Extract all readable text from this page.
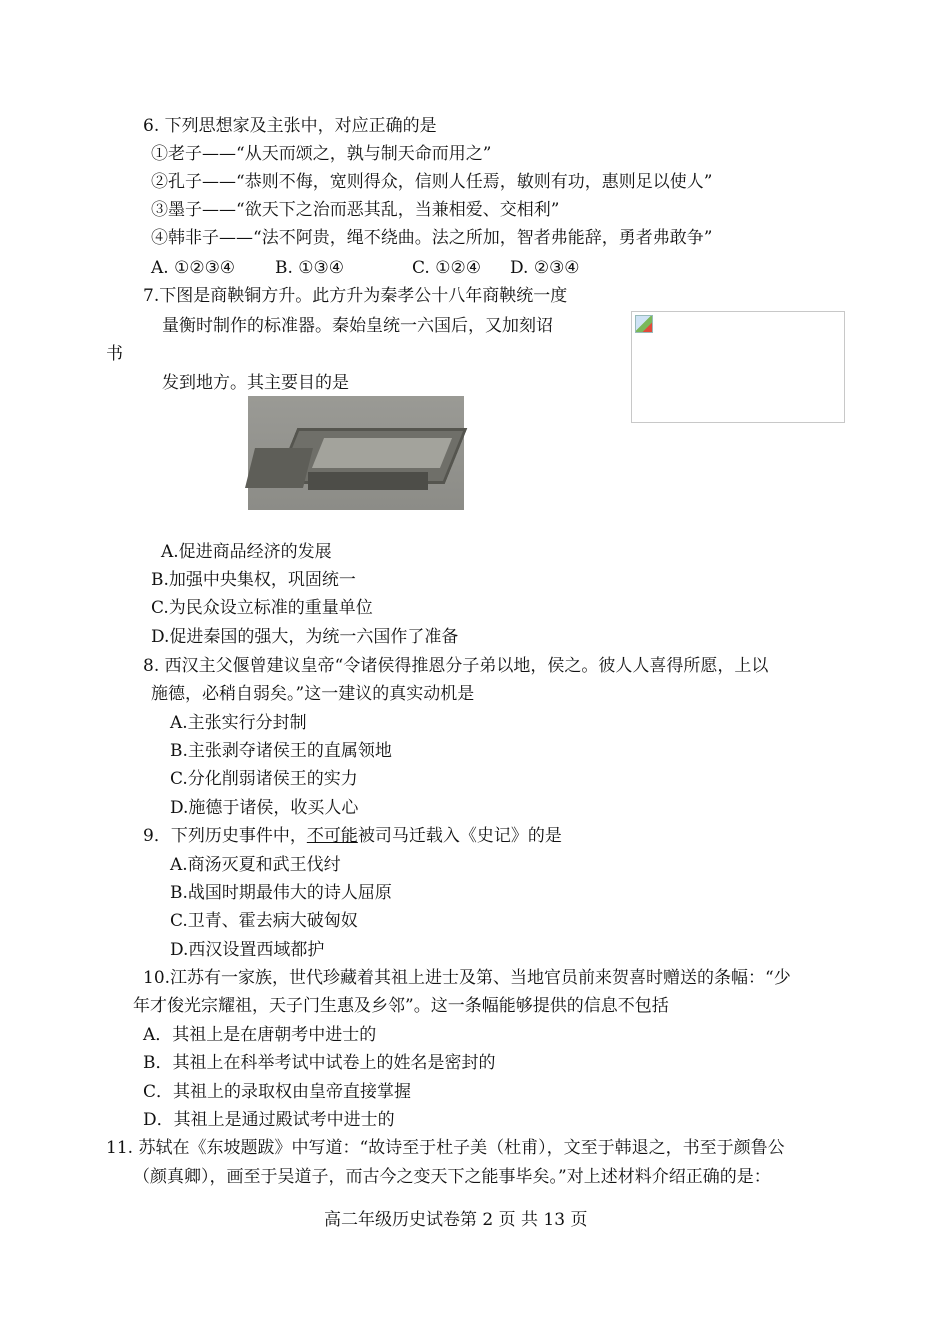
6. 下列思想家及主张中，对应正确的是
①老子——“从天而颂之，孰与制天命而用之”
②孔子——“恭则不侮，宽则得众，信则人任焉，敏则有功，惠则足以使人”
③墨子——“欲天下之治而恶其乱，当兼相爱、交相利”
④韩非子——“法不阿贵，绳不绕曲。法之所加，智者弗能辞，勇者弗敢争”
A. ①②③④ B. ①③④	C. ①②④ D. ②③④
7.下图是商鞅铜方升。此方升为秦孝公十八年商鞅统一度
量衡时制作的标准器。秦始皇统一六国后，又加刻诏
书
发到地方。其主要目的是
A.促进商品经济的发展
B.加强中央集权，巩固统一
C.为民众设立标准的重量单位
D.促进秦国的强大，为统一六国作了准备
8. 西汉主父偃曾建议皇帝“令诸侯得推恩分子弟以地，侯之。彼人人喜得所愿，上以
施德，必稍自弱矣。”这一建议的真实动机是
A.主张实行分封制
B.主张剥夺诸侯王的直属领地
C.分化削弱诸侯王的实力
D.施德于诸侯，收买人心
9．下列历史事件中，不可能被司马迁载入《史记》的是
A.商汤灭夏和武王伐纣
B.战国时期最伟大的诗人屈原
C.卫青、霍去病大破匈奴
D.西汉设置西域都护
10.江苏有一家族，世代珍藏着其祖上进士及第、当地官员前来贺喜时赠送的条幅：“少
年才俊光宗耀祖，天子门生惠及乡邻”。这一条幅能够提供的信息不包括
A．其祖上是在唐朝考中进士的
B．其祖上在科举考试中试卷上的姓名是密封的
C．其祖上的录取权由皇帝直接掌握
D．其祖上是通过殿试考中进士的
11. 苏轼在《东坡题跋》中写道：“故诗至于杜子美（杜甫），文至于韩退之，书至于颜鲁公
（颜真卿），画至于吴道子，而古今之变天下之能事毕矣。”对上述材料介绍正确的是：
高二年级历史试卷第 2 页 共 13 页
